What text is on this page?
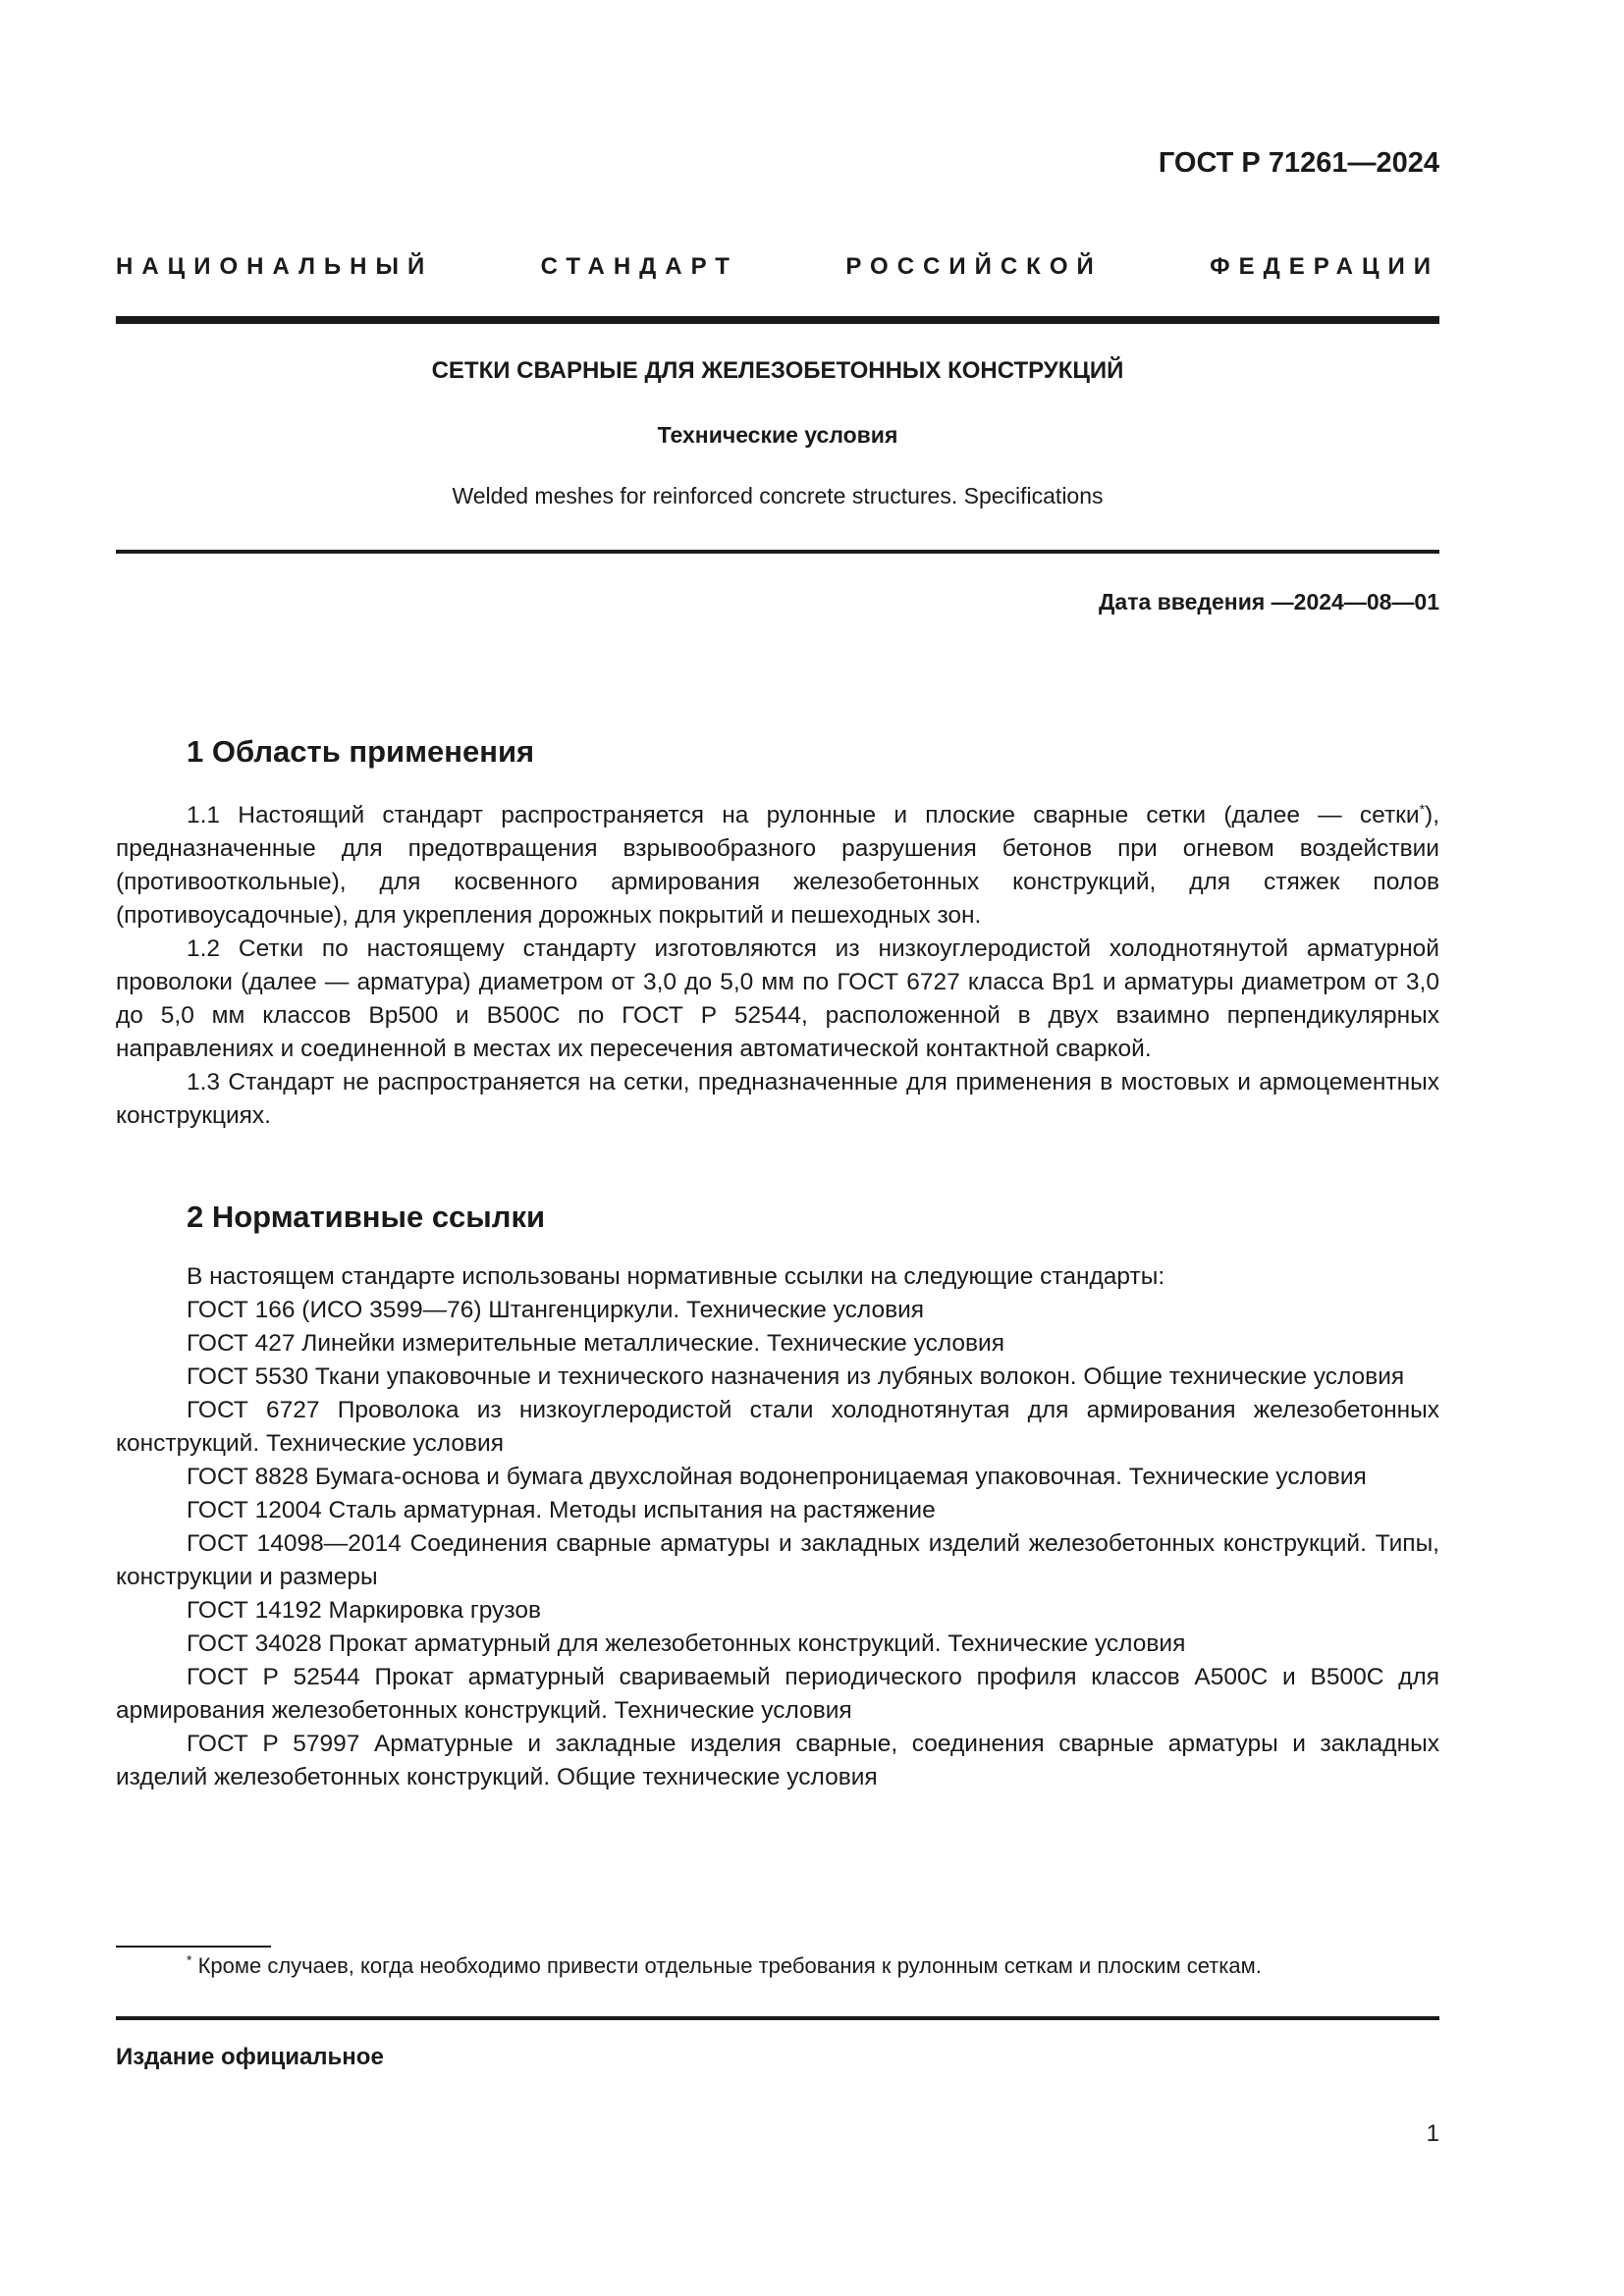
ГОСТ Р 71261—2024
НАЦИОНАЛЬНЫЙ СТАНДАРТ РОССИЙСКОЙ ФЕДЕРАЦИИ
СЕТКИ СВАРНЫЕ ДЛЯ ЖЕЛЕЗОБЕТОННЫХ КОНСТРУКЦИЙ
Технические условия
Welded meshes for reinforced concrete structures. Specifications
Дата введения —2024—08—01
1 Область применения

1.1 Настоящий стандарт распространяется на рулонные и плоские сварные сетки (далее — сетки*), предназначенные для предотвращения взрывообразного разрушения бетонов при огневом воздействии (противооткольные), для косвенного армирования железобетонных конструкций, для стяжек полов (противоусадочные), для укрепления дорожных покрытий и пешеходных зон.

1.2 Сетки по настоящему стандарту изготовляются из низкоуглеродистой холоднотянутой арматурной проволоки (далее — арматура) диаметром от 3,0 до 5,0 мм по ГОСТ 6727 класса Вр1 и арматуры диаметром от 3,0 до 5,0 мм классов Вр500 и В500С по ГОСТ Р 52544, расположенной в двух взаимно перпендикулярных направлениях и соединенной в местах их пересечения автоматической контактной сваркой.

1.3 Стандарт не распространяется на сетки, предназначенные для применения в мостовых и армоцементных конструкциях.

2 Нормативные ссылки

В настоящем стандарте использованы нормативные ссылки на следующие стандарты:

ГОСТ 166 (ИСО 3599—76) Штангенциркули. Технические условия

ГОСТ 427 Линейки измерительные металлические. Технические условия

ГОСТ 5530 Ткани упаковочные и технического назначения из лубяных волокон. Общие технические условия

ГОСТ 6727 Проволока из низкоуглеродистой стали холоднотянутая для армирования железобетонных конструкций. Технические условия

ГОСТ 8828 Бумага-основа и бумага двухслойная водонепроницаемая упаковочная. Технические условия

ГОСТ 12004 Сталь арматурная. Методы испытания на растяжение

ГОСТ 14098—2014 Соединения сварные арматуры и закладных изделий железобетонных конструкций. Типы, конструкции и размеры

ГОСТ 14192 Маркировка грузов

ГОСТ 34028 Прокат арматурный для железобетонных конструкций. Технические условия

ГОСТ Р 52544 Прокат арматурный свариваемый периодического профиля классов А500С и В500С для армирования железобетонных конструкций. Технические условия

ГОСТ Р 57997 Арматурные и закладные изделия сварные, соединения сварные арматуры и закладных изделий железобетонных конструкций. Общие технические условия

* Кроме случаев, когда необходимо привести отдельные требования к рулонным сеткам и плоским сеткам.
Издание официальное
1
